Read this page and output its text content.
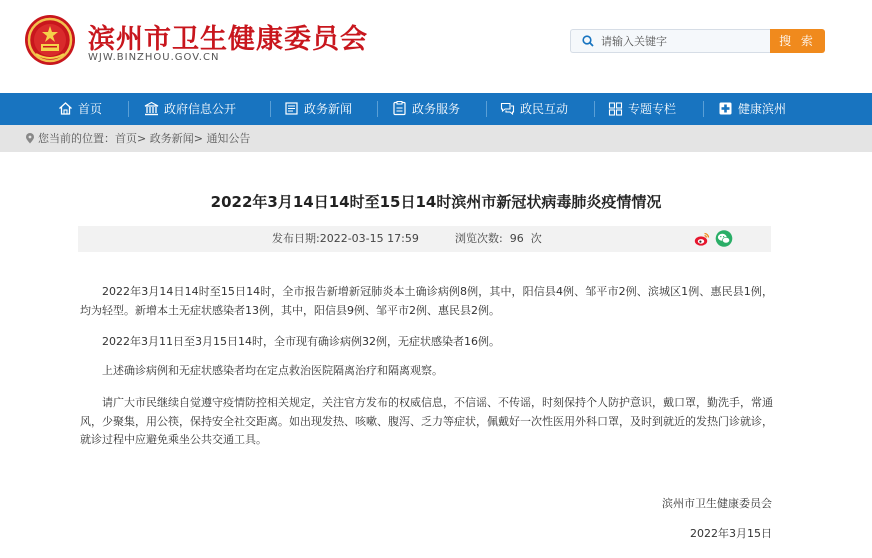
滨州市卫生健康委员会
WJW.BINZHOU.GOV.CN
请输入关键字
搜 索
首页	政府信息公开	政务新闻	政务服务	政民互动	专题专栏	健康滨州
您当前的位置：首页> 政务新闻> 通知公告
2022年3月14日14时至15日14时滨州市新冠状病毒肺炎疫情情况
发布日期:2022-03-15 17:59	浏览次数: 96 次

2022年3月14日14时至15日14时，全市报告新增新冠肺炎本土确诊病例8例，其中，阳信县4例、邹平市2例、滨城区1例、惠民县1例，均为轻型。新增本土无症状感染者13例，其中，阳信县9例、邹平市2例、惠民县2例。

2022年3月11日至3月15日14时，全市现有确诊病例32例，无症状感染者16例。

上述确诊病例和无症状感染者均在定点救治医院隔离治疗和隔离观察。

请广大市民继续自觉遵守疫情防控相关规定，关注官方发布的权威信息，不信谣、不传谣，时刻保持个人防护意识，戴口罩，勤洗手，常通风，少聚集，用公筷，保持安全社交距离。如出现发热、咳嗽、腹泻、乏力等症状，佩戴好一次性医用外科口罩，及时到就近的发热门诊就诊，就诊过程中应避免乘坐公共交通工具。

滨州市卫生健康委员会
2022年3月15日
